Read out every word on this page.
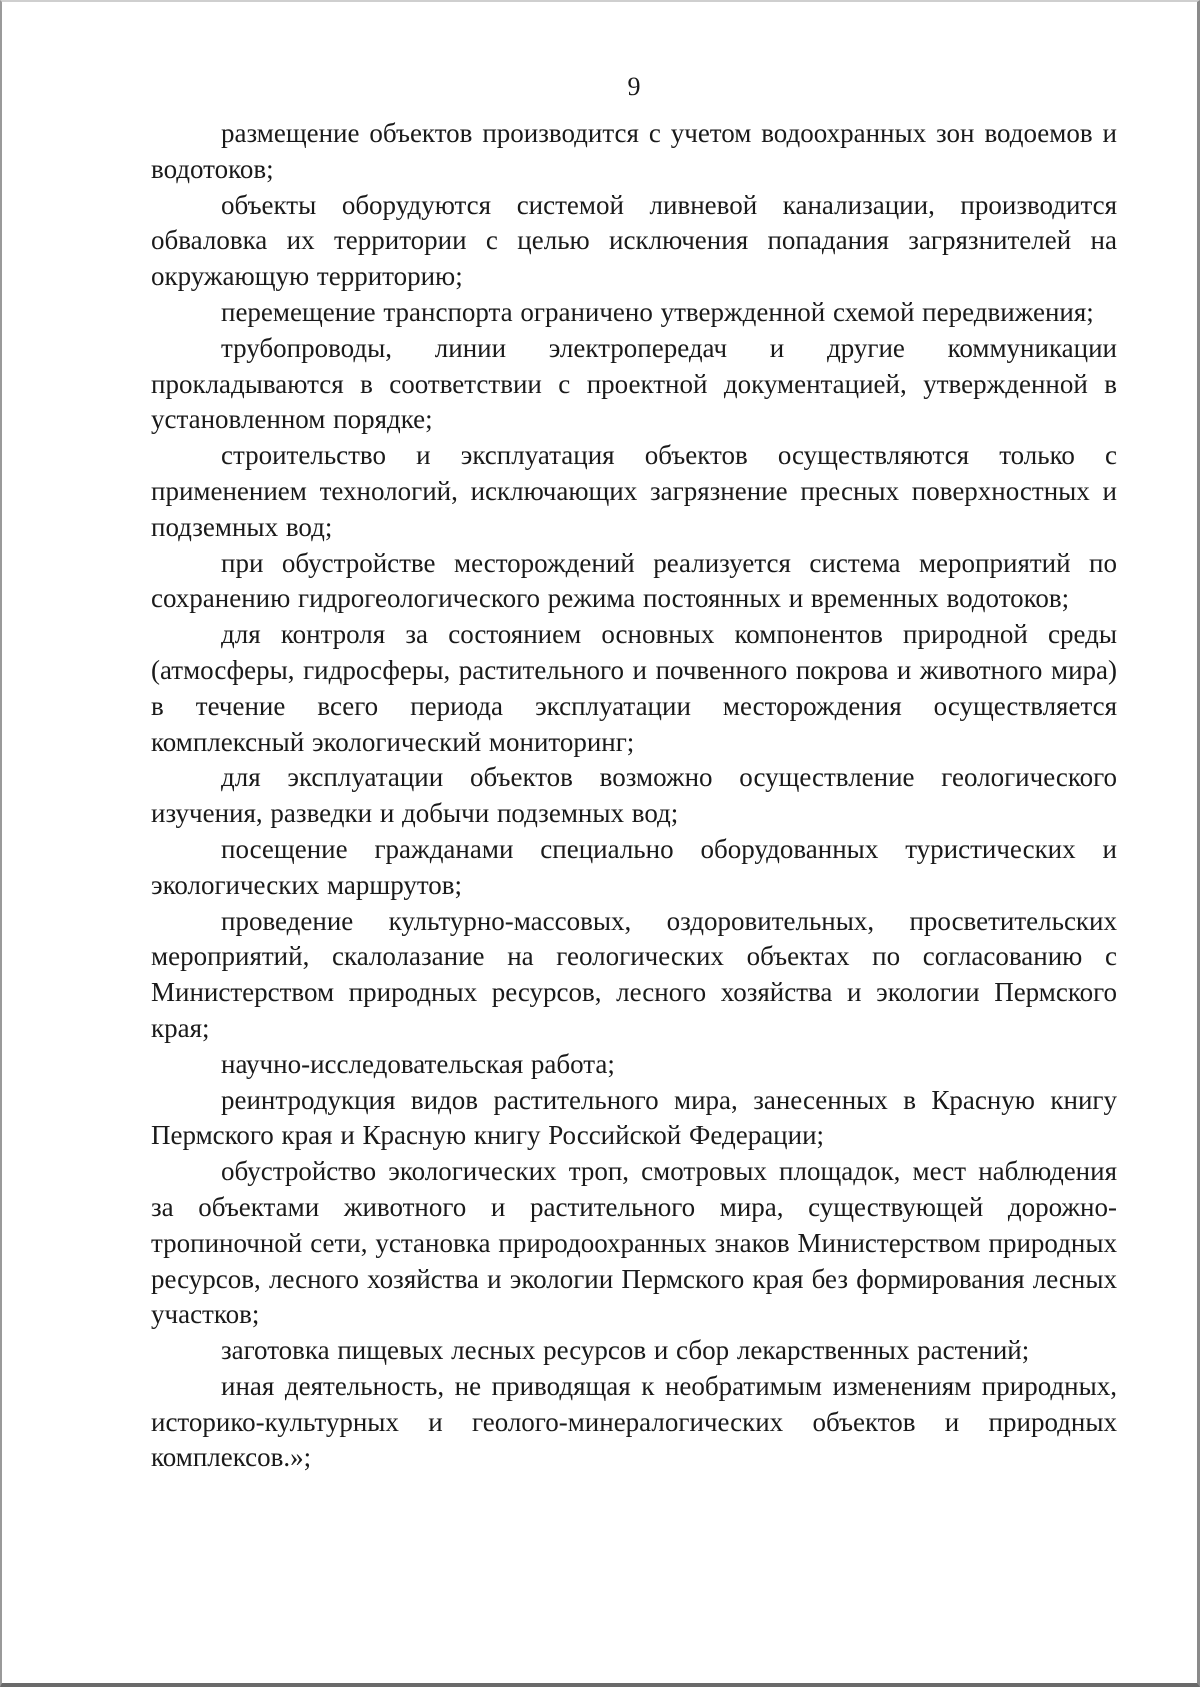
9

размещение объектов производится с учетом водоохранных зон водоемов и водотоков;

объекты оборудуются системой ливневой канализации, производится обваловка их территории с целью исключения попадания загрязнителей на окружающую территорию;

перемещение транспорта ограничено утвержденной схемой передвижения;

трубопроводы, линии электропередач и другие коммуникации прокладываются в соответствии с проектной документацией, утвержденной в установленном порядке;

строительство и эксплуатация объектов осуществляются только с применением технологий, исключающих загрязнение пресных поверхностных и подземных вод;

при обустройстве месторождений реализуется система мероприятий по сохранению гидрогеологического режима постоянных и временных водотоков;

для контроля за состоянием основных компонентов природной среды (атмосферы, гидросферы, растительного и почвенного покрова и животного мира) в течение всего периода эксплуатации месторождения осуществляется комплексный экологический мониторинг;

для эксплуатации объектов возможно осуществление геологического изучения, разведки и добычи подземных вод;

посещение гражданами специально оборудованных туристических и экологических маршрутов;

проведение культурно-массовых, оздоровительных, просветительских мероприятий, скалолазание на геологических объектах по согласованию с Министерством природных ресурсов, лесного хозяйства и экологии Пермского края;

научно-исследовательская работа;

реинтродукция видов растительного мира, занесенных в Красную книгу Пермского края и Красную книгу Российской Федерации;

обустройство экологических троп, смотровых площадок, мест наблюдения за объектами животного и растительного мира, существующей дорожно-тропиночной сети, установка природоохранных знаков Министерством природных ресурсов, лесного хозяйства и экологии Пермского края без формирования лесных участков;

заготовка пищевых лесных ресурсов и сбор лекарственных растений;

иная деятельность, не приводящая к необратимым изменениям природных, историко-культурных и геолого-минералогических объектов и природных комплексов.»;
